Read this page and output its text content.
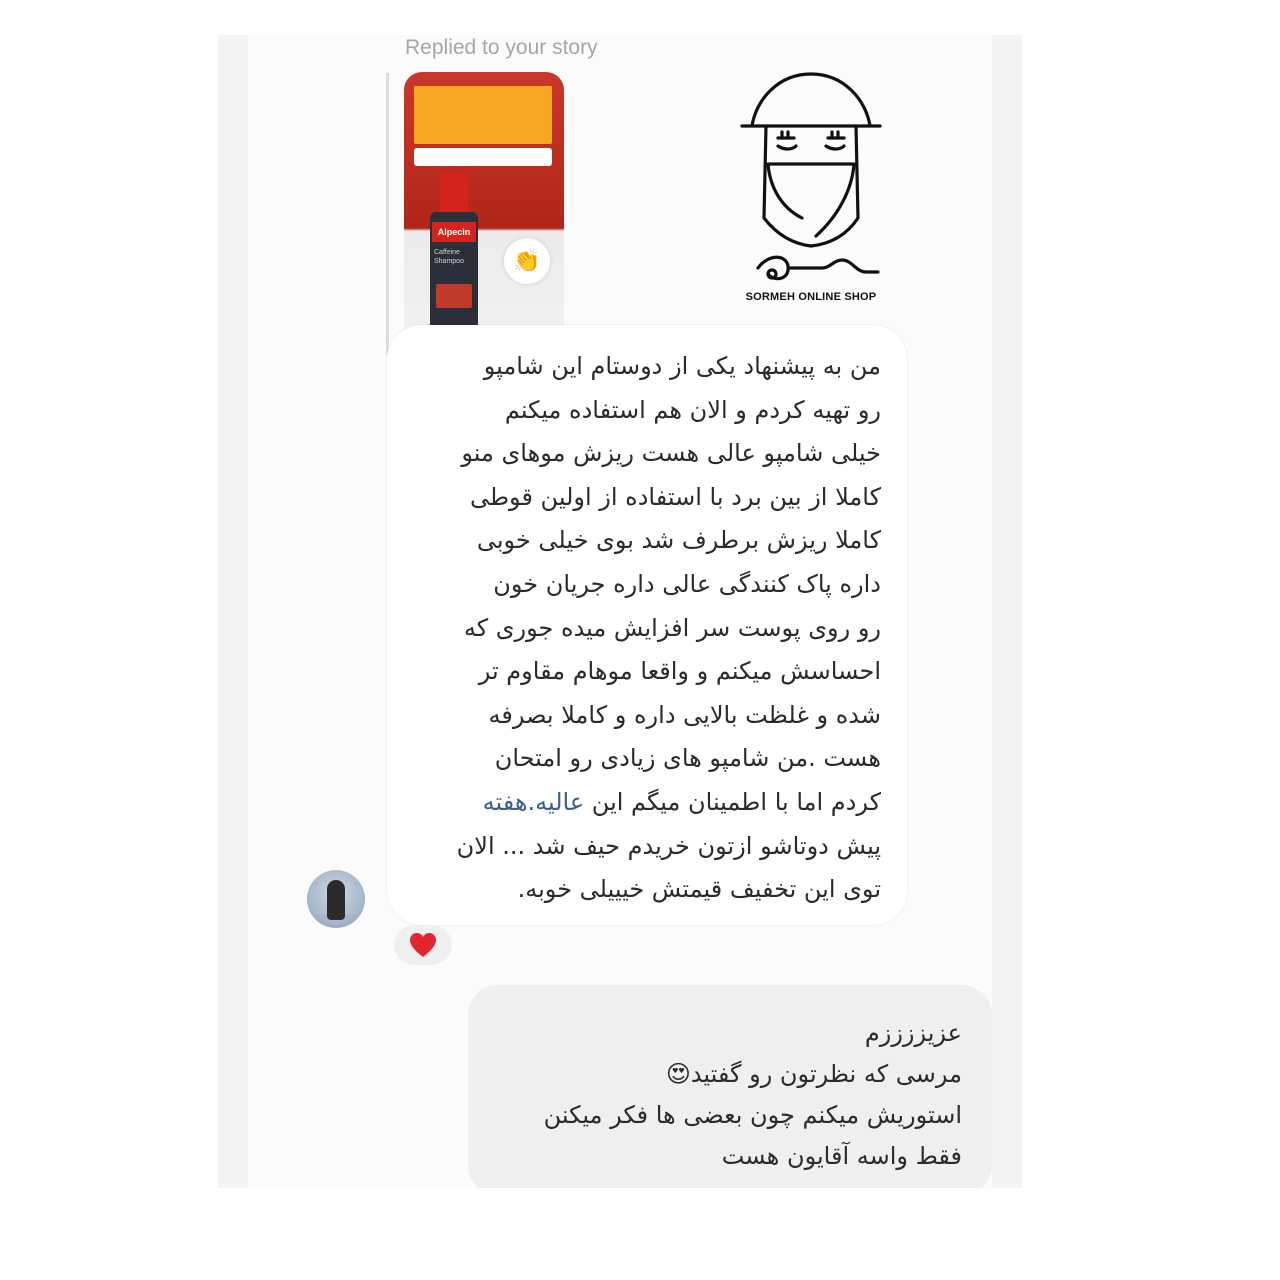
Replied to your story
Alpecin
Caffeine Shampoo	👏
SORMEH ONLINE SHOP
من به پیشنهاد یکی از دوستام این شامپو
رو تهیه کردم و الان هم استفاده میکنم
خیلی شامپو عالی هست ریزش موهای منو
کاملا از بین برد با استفاده از اولین قوطی
کاملا ریزش برطرف شد بوی خیلی خوبی
داره پاک کنندگی عالی داره جریان خون
رو روی پوست سر افزایش میده جوری که
احساسش میکنم و واقعا موهام مقاوم تر
شده و غلظت بالایی داره و کاملا بصرفه
هست .من شامپو های زیادی رو امتحان
کردم اما با اطمینان میگم این عالیه.هفته
پیش دوتاشو ازتون خریدم حیف شد ... الان
توی این تخفیف قیمتش خیییلی خوبه.
عزیززززم
مرسی که نظرتون رو گفتید😍
استوریش میکنم چون بعضی ها فکر میکنن
فقط واسه آقایون هست
